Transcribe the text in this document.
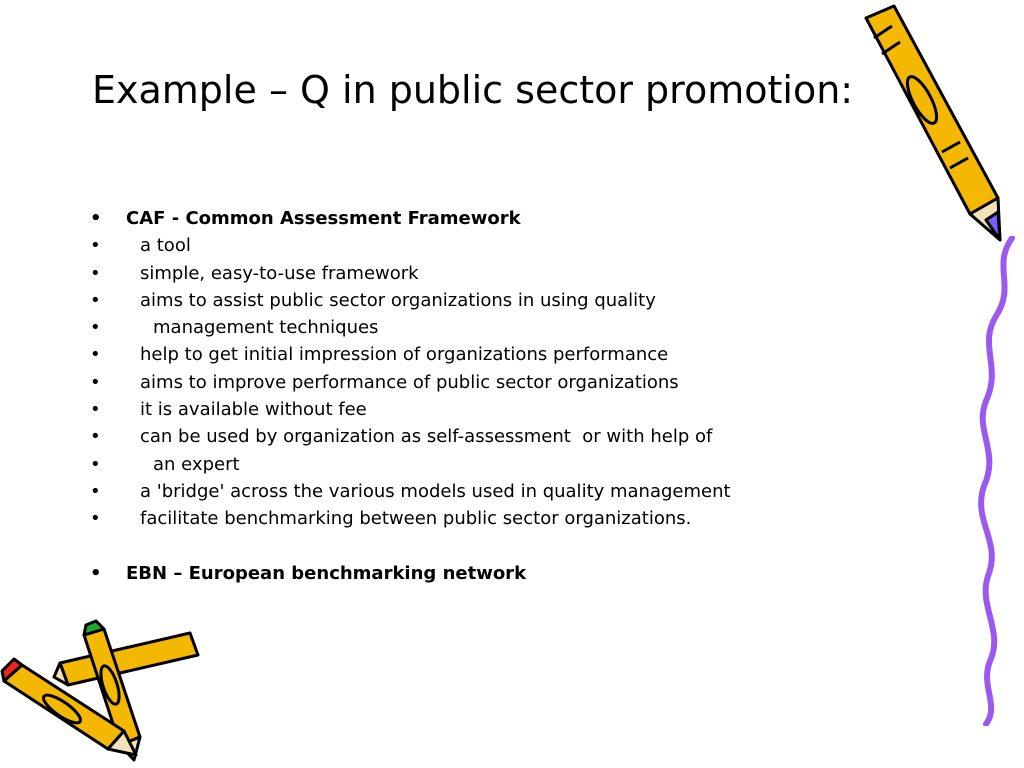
Example – Q in public sector promotion:
• CAF - Common Assessment Framework
• a tool
• simple, easy-to-use framework
• aims to assist public sector organizations in using quality
• management techniques
• help to get initial impression of organizations performance
• aims to improve performance of public sector organizations
• it is available without fee
• can be used by organization as self-assessment  or with help of
• an expert
• a 'bridge' across the various models used in quality management
• facilitate benchmarking between public sector organizations.
• EBN – European benchmarking network
